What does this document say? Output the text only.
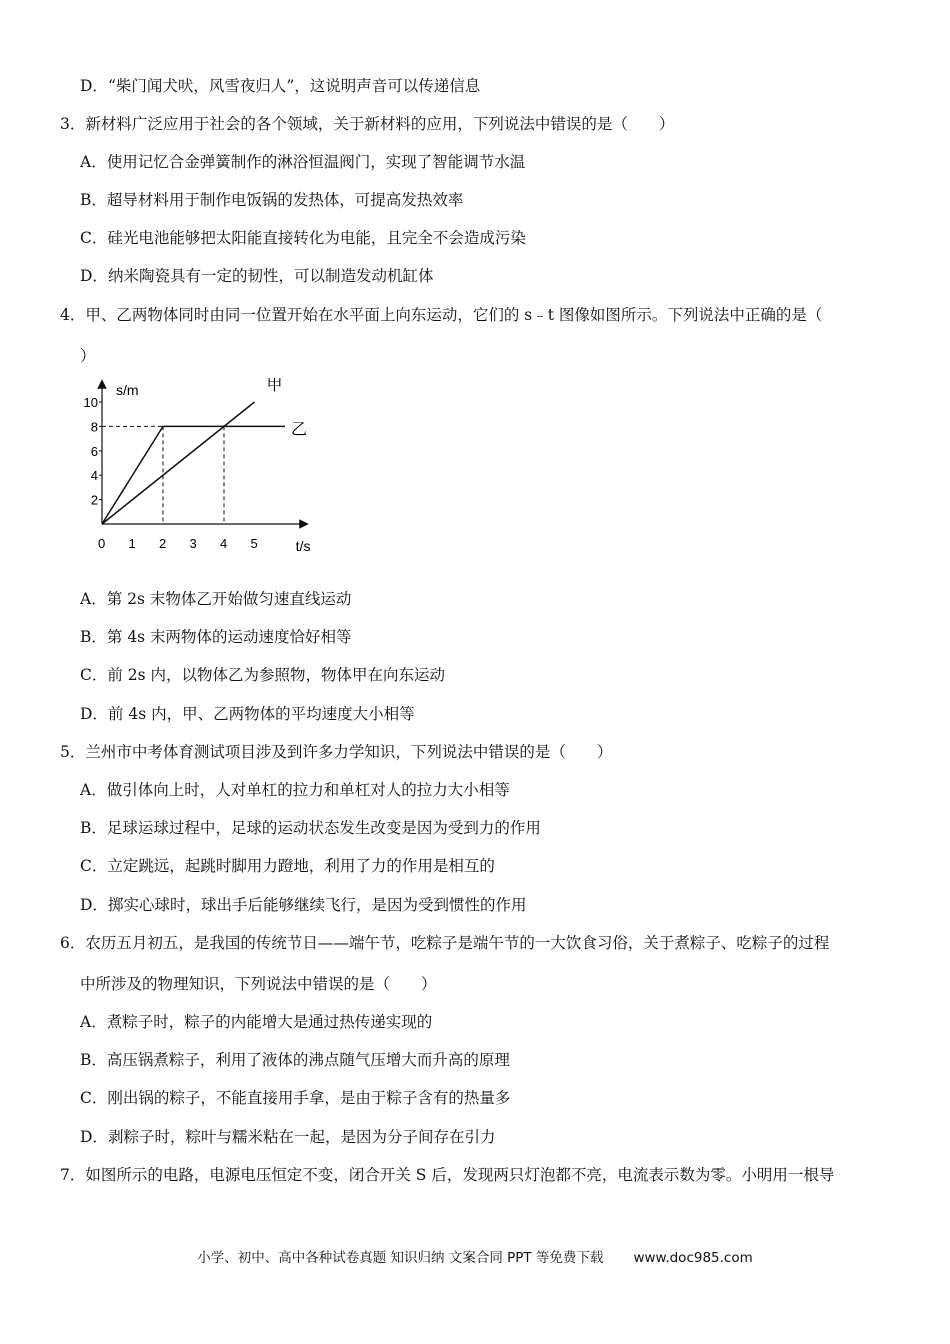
D．“柴门闻犬吠，风雪夜归人”，这说明声音可以传递信息
3．新材料广泛应用于社会的各个领域，关于新材料的应用，下列说法中错误的是（　　）
A．使用记忆合金弹簧制作的淋浴恒温阀门，实现了智能调节水温
B．超导材料用于制作电饭锅的发热体，可提高发热效率
C．硅光电池能够把太阳能直接转化为电能，且完全不会造成污染
D．纳米陶瓷具有一定的韧性，可以制造发动机缸体
4．甲、乙两物体同时由同一位置开始在水平面上向东运动，它们的 s﹣t 图像如图所示。下列说法中正确的是（
）
s/m
t/s
0 1 2 3 4 5
2
4
6
8
10
甲
乙
A．第 2s 末物体乙开始做匀速直线运动
B．第 4s 末两物体的运动速度恰好相等
C．前 2s 内，以物体乙为参照物，物体甲在向东运动
D．前 4s 内，甲、乙两物体的平均速度大小相等
5．兰州市中考体育测试项目涉及到许多力学知识，下列说法中错误的是（　　）
A．做引体向上时，人对单杠的拉力和单杠对人的拉力大小相等
B．足球运球过程中，足球的运动状态发生改变是因为受到力的作用
C．立定跳远，起跳时脚用力蹬地，利用了力的作用是相互的
D．掷实心球时，球出手后能够继续飞行，是因为受到惯性的作用
6．农历五月初五，是我国的传统节日——端午节，吃粽子是端午节的一大饮食习俗，关于煮粽子、吃粽子的过程
中所涉及的物理知识，下列说法中错误的是（　　）
A．煮粽子时，粽子的内能增大是通过热传递实现的
B．高压锅煮粽子，利用了液体的沸点随气压增大而升高的原理
C．刚出锅的粽子，不能直接用手拿，是由于粽子含有的热量多
D．剥粽子时，粽叶与糯米粘在一起，是因为分子间存在引力
7．如图所示的电路，电源电压恒定不变，闭合开关 S 后，发现两只灯泡都不亮，电流表示数为零。小明用一根导
小学、初中、高中各种试卷真题 知识归纳 文案合同 PPT 等免费下载 www.doc985.com
